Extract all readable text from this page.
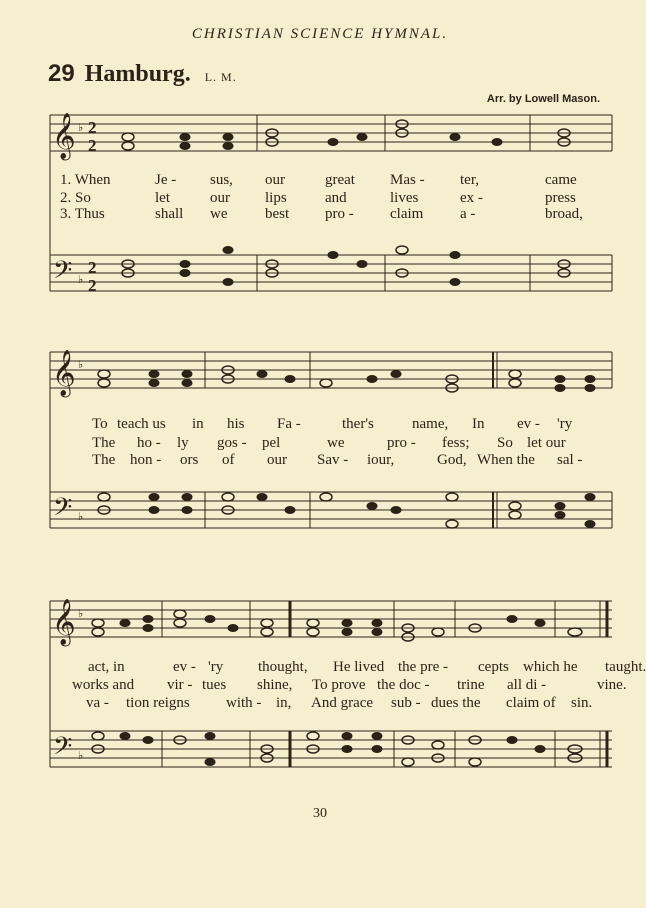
CHRISTIAN SCIENCE HYMNAL.
29 Hamburg. L. M.
Arr. by Lowell Mason.
𝄞
𝄢
♭
♭
2
2
2
2
1. When	Je - sus, our	great Mas - ter,	came
2. So	let	our lips	and	lives	ex -	press
3. Thus	shall we	best pro - claim a -	broad,
𝄞
𝄢
♭
♭
To teach us in his Fa -	ther's	name, In ev - 'ry
The ho - ly gos - pel	we	pro - fess; So let our
The hon - ors of our Sav - iour,	God, When the sal -
𝄞
𝄢
♭
♭
act, in	ev - 'ry thought, He lived the pre - cepts which he taught.
works and vir - tues shine, To prove the doc - trine all di -	vine.
va - tion reigns with - in, And grace sub - dues the claim of sin.
30
